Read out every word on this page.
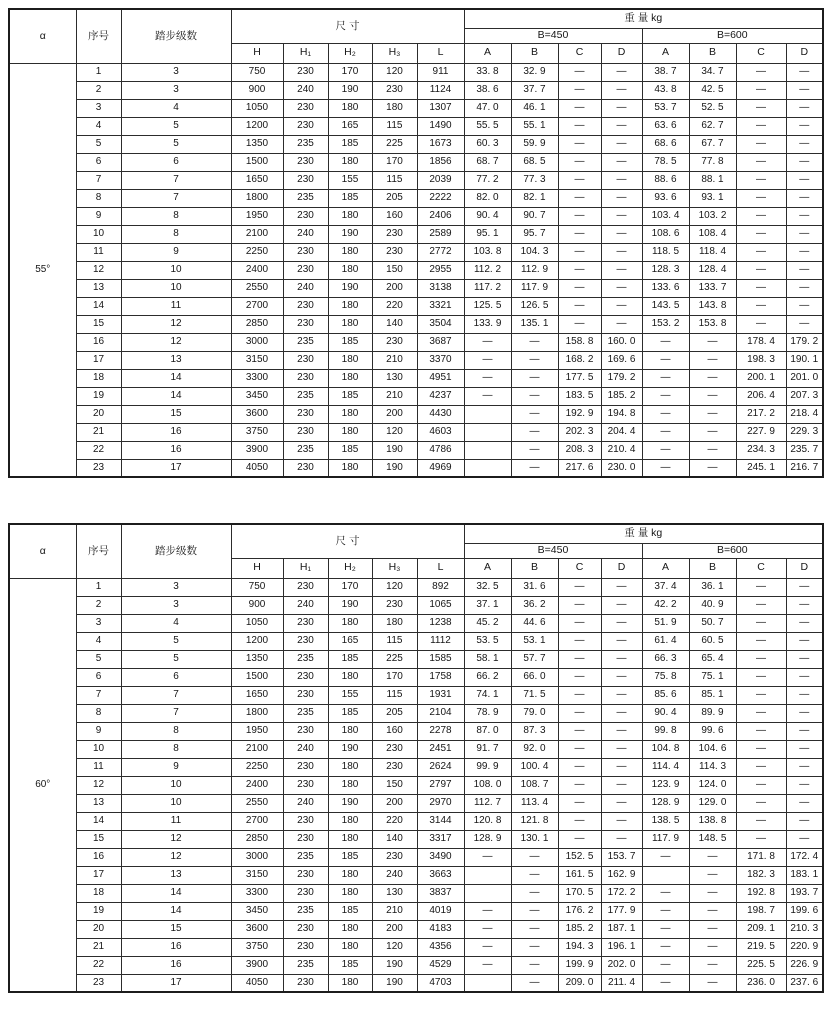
α	序号	踏步级数	尺 寸					重 量 kg							
								B=450				B=600			
			H	H₁	H₂	H₃	L	A	B	C	D	A	B	C	D
55°	1	3	750	230	170	120	911	33. 8	32. 9	—	—	38. 7	34. 7	—	—
	2	3	900	240	190	230	1124	38. 6	37. 7	—	—	43. 8	42. 5	—	—
	3	4	1050	230	180	180	1307	47. 0	46. 1	—	—	53. 7	52. 5	—	—
	4	5	1200	230	165	115	1490	55. 5	55. 1	—	—	63. 6	62. 7	—	—
	5	5	1350	235	185	225	1673	60. 3	59. 9	—	—	68. 6	67. 7	—	—
	6	6	1500	230	180	170	1856	68. 7	68. 5	—	—	78. 5	77. 8	—	—
	7	7	1650	230	155	115	2039	77. 2	77. 3	—	—	88. 6	88. 1	—	—
	8	7	1800	235	185	205	2222	82. 0	82. 1	—	—	93. 6	93. 1	—	—
	9	8	1950	230	180	160	2406	90. 4	90. 7	—	—	103. 4	103. 2	—	—
	10	8	2100	240	190	230	2589	95. 1	95. 7	—	—	108. 6	108. 4	—	—
	11	9	2250	230	180	230	2772	103. 8	104. 3	—	—	118. 5	118. 4	—	—
	12	10	2400	230	180	150	2955	112. 2	112. 9	—	—	128. 3	128. 4	—	—
	13	10	2550	240	190	200	3138	117. 2	117. 9	—	—	133. 6	133. 7	—	—
	14	11	2700	230	180	220	3321	125. 5	126. 5	—	—	143. 5	143. 8	—	—
	15	12	2850	230	180	140	3504	133. 9	135. 1	—	—	153. 2	153. 8	—	—
	16	12	3000	235	185	230	3687	—	—	158. 8	160. 0	—	—	178. 4	179. 2
	17	13	3150	230	180	210	3370	—	—	168. 2	169. 6	—	—	198. 3	190. 1
	18	14	3300	230	180	130	4951	—	—	177. 5	179. 2	—	—	200. 1	201. 0
	19	14	3450	235	185	210	4237	—	—	183. 5	185. 2	—	—	206. 4	207. 3
	20	15	3600	230	180	200	4430		—	192. 9	194. 8	—	—	217. 2	218. 4
	21	16	3750	230	180	120	4603		—	202. 3	204. 4	—	—	227. 9	229. 3
	22	16	3900	235	185	190	4786		—	208. 3	210. 4	—	—	234. 3	235. 7
	23	17	4050	230	180	190	4969		—	217. 6	230. 0	—	—	245. 1	216. 7
α	序号	踏步级数	尺 寸					重 量 kg							
								B=450				B=600			
			H	H₁	H₂	H₃	L	A	B	C	D	A	B	C	D
60°	1	3	750	230	170	120	892	32. 5	31. 6	—	—	37. 4	36. 1	—	—
	2	3	900	240	190	230	1065	37. 1	36. 2	—	—	42. 2	40. 9	—	—
	3	4	1050	230	180	180	1238	45. 2	44. 6	—	—	51. 9	50. 7	—	—
	4	5	1200	230	165	115	1112	53. 5	53. 1	—	—	61. 4	60. 5	—	—
	5	5	1350	235	185	225	1585	58. 1	57. 7	—	—	66. 3	65. 4	—	—
	6	6	1500	230	180	170	1758	66. 2	66. 0	—	—	75. 8	75. 1	—	—
	7	7	1650	230	155	115	1931	74. 1	71. 5	—	—	85. 6	85. 1	—	—
	8	7	1800	235	185	205	2104	78. 9	79. 0	—	—	90. 4	89. 9	—	—
	9	8	1950	230	180	160	2278	87. 0	87. 3	—	—	99. 8	99. 6	—	—
	10	8	2100	240	190	230	2451	91. 7	92. 0	—	—	104. 8	104. 6	—	—
	11	9	2250	230	180	230	2624	99. 9	100. 4	—	—	114. 4	114. 3	—	—
	12	10	2400	230	180	150	2797	108. 0	108. 7	—	—	123. 9	124. 0	—	—
	13	10	2550	240	190	200	2970	112. 7	113. 4	—	—	128. 9	129. 0	—	—
	14	11	2700	230	180	220	3144	120. 8	121. 8	—	—	138. 5	138. 8	—	—
	15	12	2850	230	180	140	3317	128. 9	130. 1	—	—	117. 9	148. 5	—	—
	16	12	3000	235	185	230	3490	—	—	152. 5	153. 7	—	—	171. 8	172. 4
	17	13	3150	230	180	240	3663		—	161. 5	162. 9		—	182. 3	183. 1
	18	14	3300	230	180	130	3837		—	170. 5	172. 2	—	—	192. 8	193. 7
	19	14	3450	235	185	210	4019	—	—	176. 2	177. 9	—	—	198. 7	199. 6
	20	15	3600	230	180	200	4183	—	—	185. 2	187. 1	—	—	209. 1	210. 3
	21	16	3750	230	180	120	4356	—	—	194. 3	196. 1	—	—	219. 5	220. 9
	22	16	3900	235	185	190	4529	—	—	199. 9	202. 0	—	—	225. 5	226. 9
	23	17	4050	230	180	190	4703		—	209. 0	211. 4	—	—	236. 0	237. 6
